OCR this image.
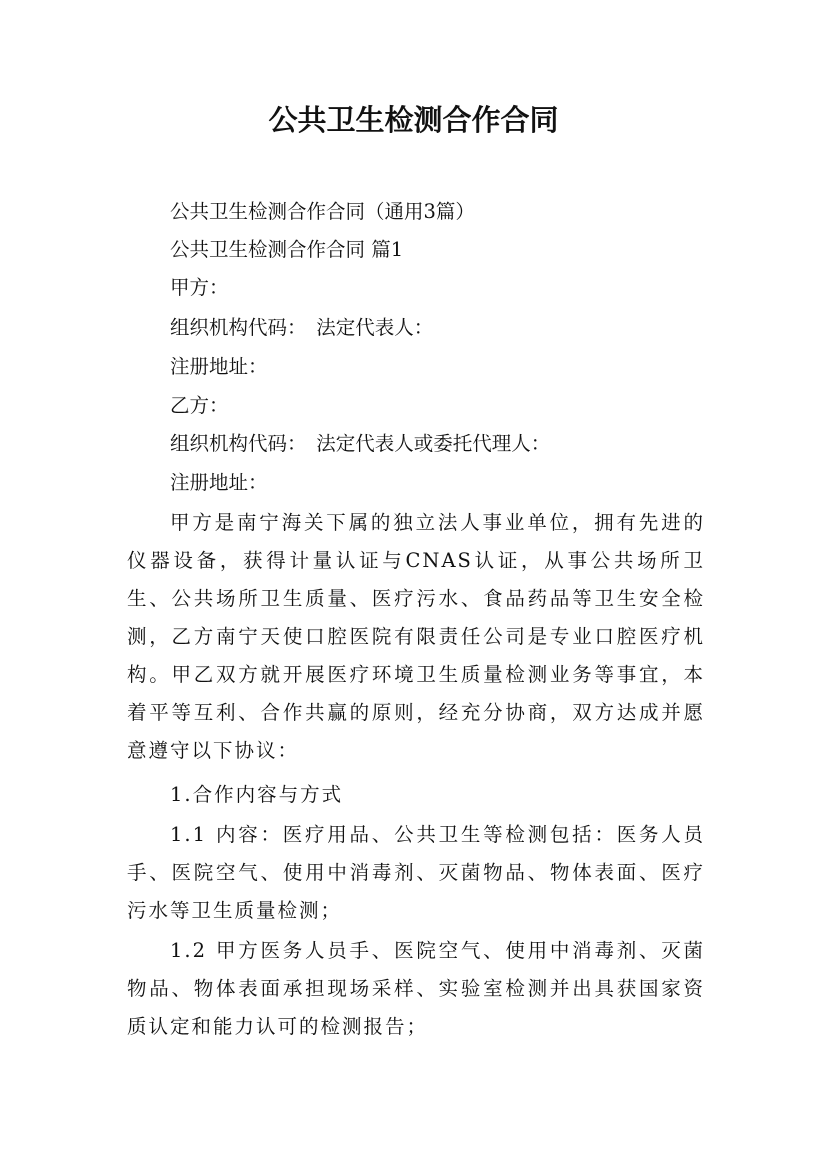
公共卫生检测合作合同
公共卫生检测合作合同（通用3篇）
公共卫生检测合作合同 篇1
甲方：
组织机构代码：　法定代表人：
注册地址：
乙方：
组织机构代码：　法定代表人或委托代理人：
注册地址：
甲方是南宁海关下属的独立法人事业单位，拥有先进的仪器设备，获得计量认证与CNAS认证，从事公共场所卫生、公共场所卫生质量、医疗污水、食品药品等卫生安全检测，乙方南宁天使口腔医院有限责任公司是专业口腔医疗机构。甲乙双方就开展医疗环境卫生质量检测业务等事宜，本着平等互利、合作共赢的原则，经充分协商，双方达成并愿意遵守以下协议：
1.合作内容与方式
1.1 内容：医疗用品、公共卫生等检测包括：医务人员手、医院空气、使用中消毒剂、灭菌物品、物体表面、医疗污水等卫生质量检测；
1.2 甲方医务人员手、医院空气、使用中消毒剂、灭菌物品、物体表面承担现场采样、实验室检测并出具获国家资质认定和能力认可的检测报告；
